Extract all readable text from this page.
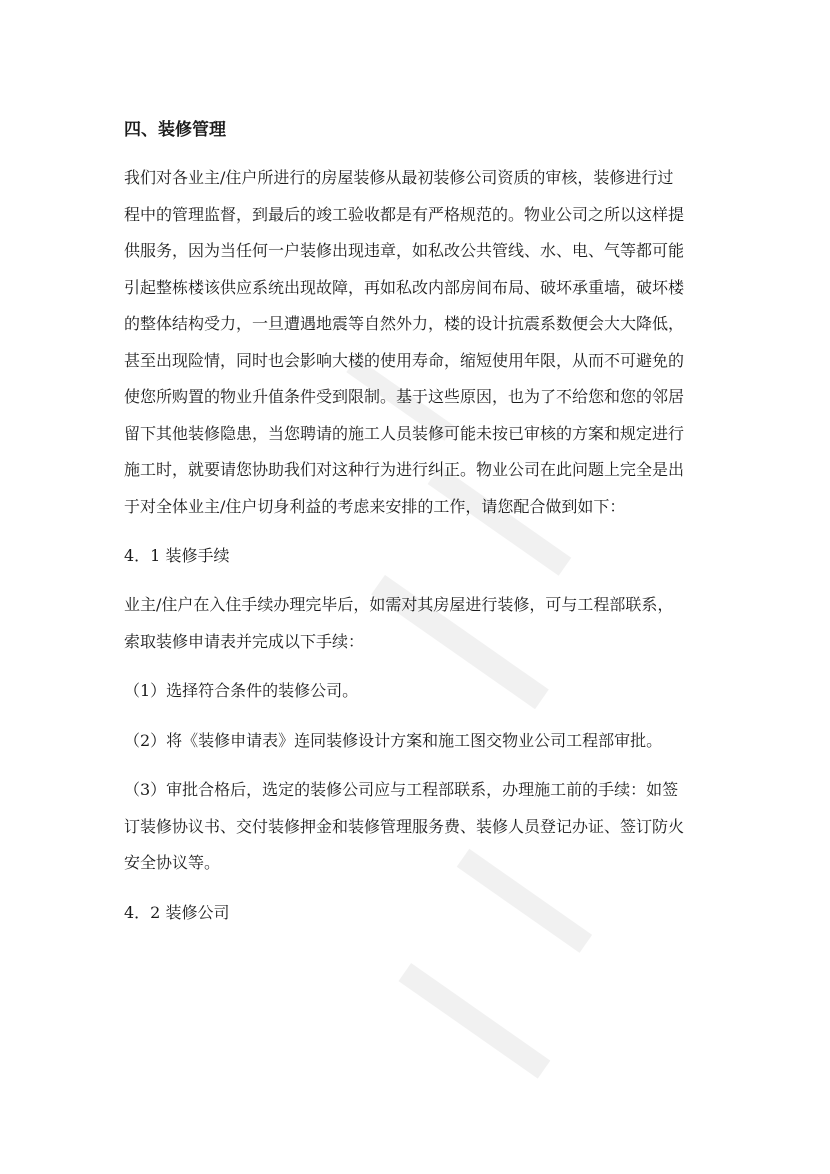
四、装修管理
我们对各业主/住户所进行的房屋装修从最初装修公司资质的审核，装修进行过
程中的管理监督，到最后的竣工验收都是有严格规范的。物业公司之所以这样提
供服务，因为当任何一户装修出现违章，如私改公共管线、水、电、气等都可能
引起整栋楼该供应系统出现故障，再如私改内部房间布局、破坏承重墙，破坏楼
的整体结构受力，一旦遭遇地震等自然外力，楼的设计抗震系数便会大大降低，
甚至出现险情，同时也会影响大楼的使用寿命，缩短使用年限，从而不可避免的
使您所购置的物业升值条件受到限制。基于这些原因，也为了不给您和您的邻居
留下其他装修隐患，当您聘请的施工人员装修可能未按已审核的方案和规定进行
施工时，就要请您协助我们对这种行为进行纠正。物业公司在此问题上完全是出
于对全体业主/住户切身利益的考虑来安排的工作，请您配合做到如下：
4．1 装修手续
业主/住户在入住手续办理完毕后，如需对其房屋进行装修，可与工程部联系，
索取装修申请表并完成以下手续：
（1）选择符合条件的装修公司。
（2）将《装修申请表》连同装修设计方案和施工图交物业公司工程部审批。
（3）审批合格后，选定的装修公司应与工程部联系，办理施工前的手续：如签
订装修协议书、交付装修押金和装修管理服务费、装修人员登记办证、签订防火
安全协议等。
4．2 装修公司
